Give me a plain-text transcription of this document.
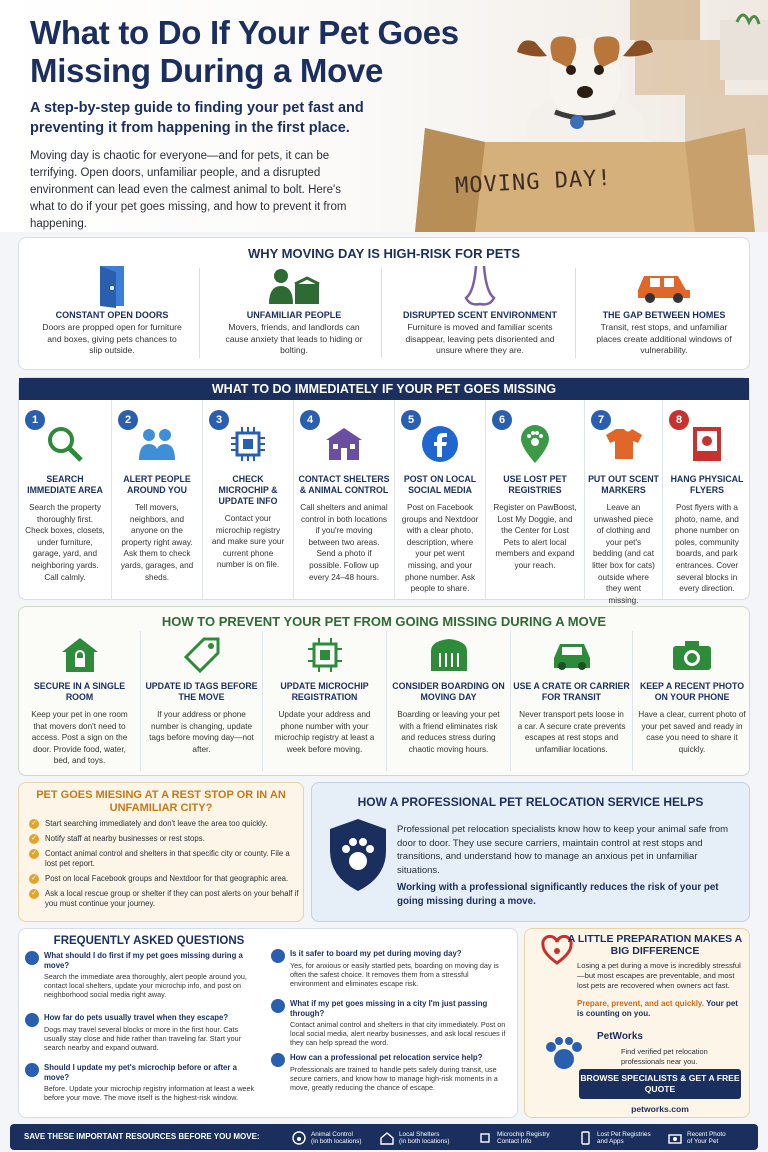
What to Do If Your Pet Goes Missing During a Move
A step-by-step guide to finding your pet fast and preventing it from happening in the first place.
Moving day is chaotic for everyone—and for pets, it can be terrifying. Open doors, unfamiliar people, and a disrupted environment can lead even the calmest animal to bolt. Here's what to do if your pet goes missing, and how to prevent it from happening.
MOVING DAY!
WHY MOVING DAY IS HIGH-RISK FOR PETS
CONSTANT OPEN DOORS
Doors are propped open for furniture and boxes, giving pets chances to slip outside.
UNFAMILIAR PEOPLE
Movers, friends, and landlords can cause anxiety that leads to hiding or bolting.
DISRUPTED SCENT ENVIRONMENT
Furniture is moved and familiar scents disappear, leaving pets disoriented and unsure where they are.
THE GAP BETWEEN HOMES
Transit, rest stops, and unfamiliar places create additional windows of vulnerability.
WHAT TO DO IMMEDIATELY IF YOUR PET GOES MISSING
1
SEARCH IMMEDIATE AREA
Search the property thoroughly first. Check boxes, closets, under furniture, garage, yard, and neighboring yards. Call calmly.
2
ALERT PEOPLE AROUND YOU
Tell movers, neighbors, and anyone on the property right away. Ask them to check yards, garages, and sheds.
3
CHECK MICROCHIP & UPDATE INFO
Contact your microchip registry and make sure your current phone number is on file.
4
CONTACT SHELTERS & ANIMAL CONTROL
Call shelters and animal control in both locations if you're moving between two areas. Send a photo if possible. Follow up every 24–48 hours.
5
POST ON LOCAL SOCIAL MEDIA
Post on Facebook groups and Nextdoor with a clear photo, description, where your pet went missing, and your phone number. Ask people to share.
6
USE LOST PET REGISTRIES
Register on PawBoost, Lost My Doggie, and the Center for Lost Pets to alert local members and expand your reach.
7
PUT OUT SCENT MARKERS
Leave an unwashed piece of clothing and your pet's bedding (and cat litter box for cats) outside where they went missing.
8
HANG PHYSICAL FLYERS
Post flyers with a photo, name, and phone number on poles, community boards, and park entrances. Cover several blocks in every direction.
HOW TO PREVENT YOUR PET FROM GOING MISSING DURING A MOVE
SECURE IN A SINGLE ROOM
Keep your pet in one room that movers don't need to access. Post a sign on the door. Provide food, water, bed, and toys.
UPDATE ID TAGS BEFORE THE MOVE
If your address or phone number is changing, update tags before moving day—not after.
UPDATE MICROCHIP REGISTRATION
Update your address and phone number with your microchip registry at least a week before moving.
CONSIDER BOARDING ON MOVING DAY
Boarding or leaving your pet with a friend eliminates risk and reduces stress during chaotic moving hours.
USE A CRATE OR CARRIER FOR TRANSIT
Never transport pets loose in a car. A secure crate prevents escapes at rest stops and unfamiliar locations.
KEEP A RECENT PHOTO ON YOUR PHONE
Have a clear, current photo of your pet saved and ready in case you need to share it quickly.
PET GOES MIESING AT A REST STOP OR IN AN UNFAMILIAR CITY?
✓ Start searching immediately and don't leave the area too quickly.
✓ Notify staff at nearby businesses or rest stops.
✓ Contact animal control and shelters in that specific city or county. File a lost pet report.
✓ Post on local Facebook groups and Nextdoor for that geographic area.
✓ Ask a local rescue group or shelter if they can post alerts on your behalf if you must continue your journey.
HOW A PROFESSIONAL PET RELOCATION SERVICE HELPS
Professional pet relocation specialists know how to keep your animal safe from door to door. They use secure carriers, maintain control at rest stops and transitions, and understand how to manage an anxious pet in unfamiliar situations.
Working with a professional significantly reduces the risk of your pet going missing during a move.
FREQUENTLY ASKED QUESTIONS
What should I do first if my pet goes missing during a move?
Search the immediate area thoroughly, alert people around you, contact local shelters, update your microchip info, and post on neighborhood social media right away.
How far do pets usually travel when they escape?
Dogs may travel several blocks or more in the first hour. Cats usually stay close and hide rather than traveling far. Start your search nearby and expand outward.
Should I update my pet's microchip before or after a move?
Before. Update your microchip registry information at least a week before your move. The move itself is the highest-risk window.
Is it safer to board my pet during moving day?
Yes, for anxious or easily startled pets, boarding on moving day is often the safest choice. It removes them from a stressful environment and eliminates escape risk.
What if my pet goes missing in a city I'm just passing through?
Contact animal control and shelters in that city immediately. Post on local social media, alert nearby businesses, and ask local rescues if they can help spread the word.
How can a professional pet relocation service help?
Professionals are trained to handle pets safely during transit, use secure carriers, and know how to manage high-risk moments in a move, greatly reducing the chance of escape.
A LITTLE PREPARATION MAKES A BIG DIFFERENCE
Losing a pet during a move is incredibly stressful—but most escapes are preventable, and most lost pets are recovered when owners act fast.
Prepare, prevent, and act quickly. Your pet is counting on you.
PetWorks
Find verified pet relocation professionals near you.
BROWSE SPECIALISTS & GET A FREE QUOTE
petworks.com
SAVE THESE IMPORTANT RESOURCES BEFORE YOU MOVE:	Animal Control
(in both locations)
Local Shelters
(in both locations)
Microchip Registry
Contact Info
Lost Pet Registries
and Apps
Recent Photo
of Your Pet
